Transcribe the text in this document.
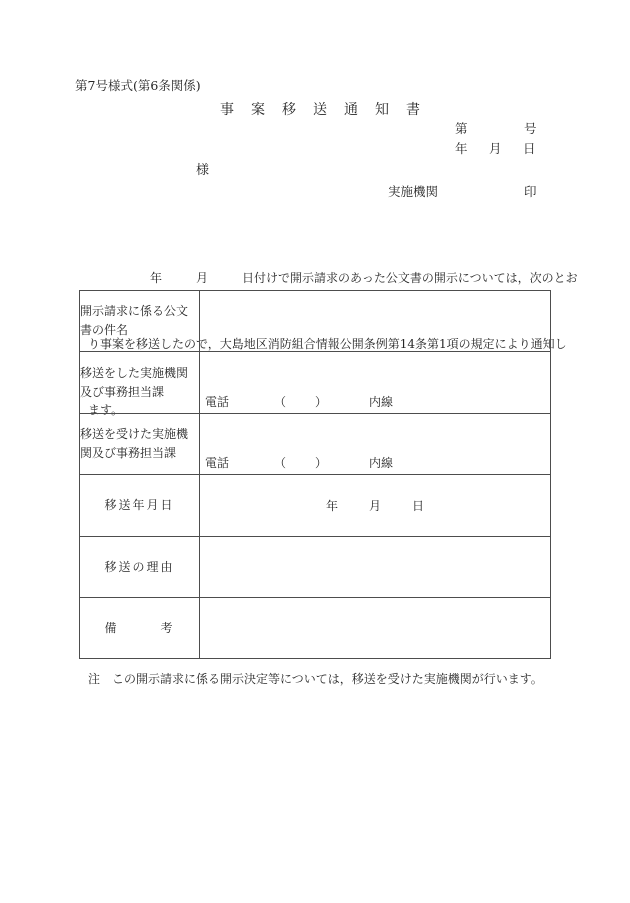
第7号様式(第6条関係)
事案移送通知書
第	号
年 月 日
様
実施機関	印

年	月	日付けで開示請求のあった公文書の開示については，次のとお

り事案を移送したので，大島地区消防組合情報公開条例第14条第1項の規定により通知し

ます。

開示請求に係る公文書の件名	
移送をした実施機関及び事務担当課	電話 （ ） 内線

移送を受けた実施機関及び事務担当課	電話 （ ） 内線

移送年月日	年 月 日

移送の理由	
備　　　考	
注　この開示請求に係る開示決定等については，移送を受けた実施機関が行います。
